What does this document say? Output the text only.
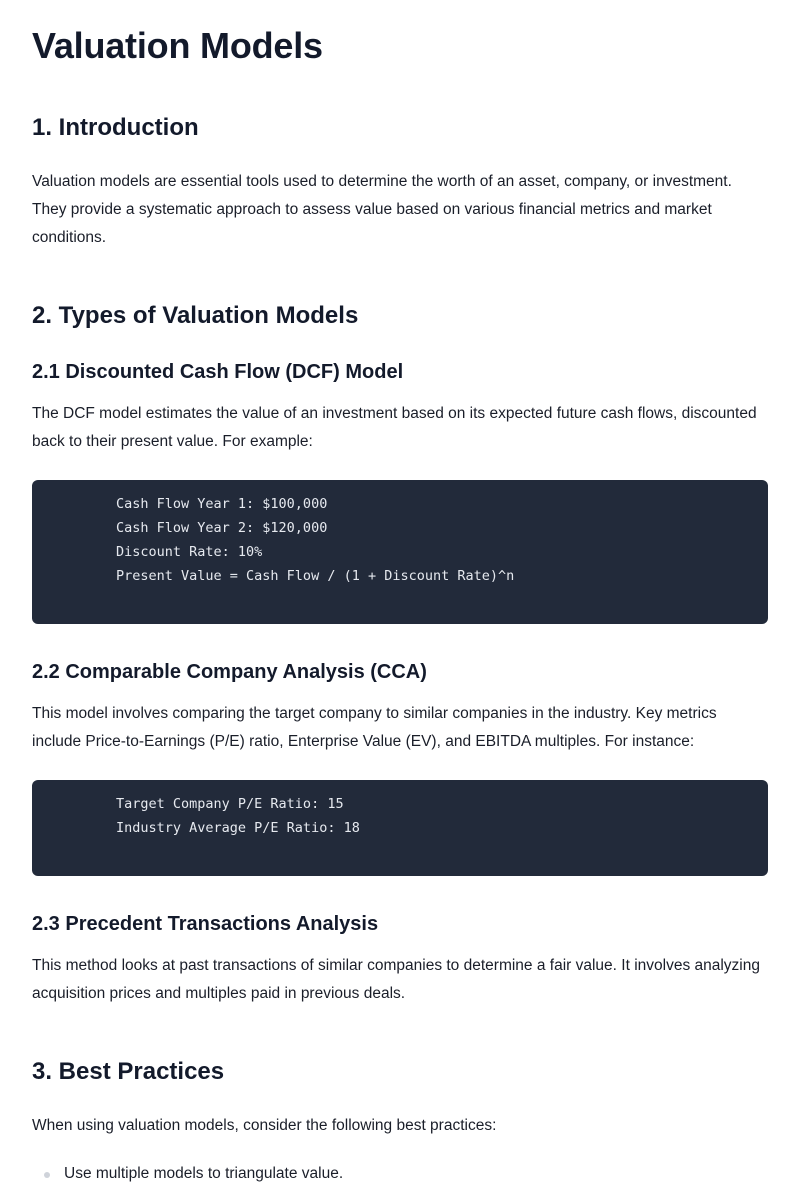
Valuation Models
1. Introduction

Valuation models are essential tools used to determine the worth of an asset, company, or investment. They provide a systematic approach to assess value based on various financial metrics and market conditions.

2. Types of Valuation Models
2.1 Discounted Cash Flow (DCF) Model

The DCF model estimates the value of an investment based on its expected future cash flows, discounted back to their present value. For example:

Cash Flow Year 1: $100,000
Cash Flow Year 2: $120,000
Discount Rate: 10%
Present Value = Cash Flow / (1 + Discount Rate)^n
2.2 Comparable Company Analysis (CCA)

This model involves comparing the target company to similar companies in the industry. Key metrics include Price-to-Earnings (P/E) ratio, Enterprise Value (EV), and EBITDA multiples. For instance:

Target Company P/E Ratio: 15
Industry Average P/E Ratio: 18
2.3 Precedent Transactions Analysis

This method looks at past transactions of similar companies to determine a fair value. It involves analyzing acquisition prices and multiples paid in previous deals.

3. Best Practices

When using valuation models, consider the following best practices:

Use multiple models to triangulate value.
